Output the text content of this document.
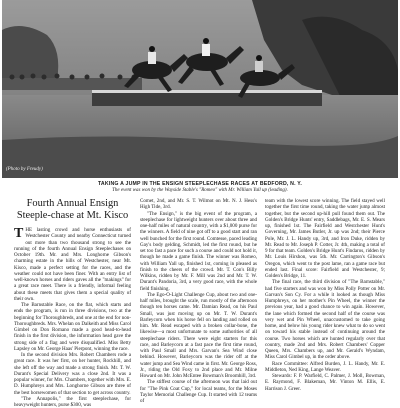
(Photo by Freudy)
TAKING A JUMP IN THE ENSIGN STEEPLECHASE RACES AT BEDFORD, N. Y.
The event was won by the Wayside Stable's "Romeo" with Mr. William Yall up (leading).
Fourth Annual Ensign Steeple-chase at Mt. Kisco

THE lasting crowd and horse enthusiasts of Westchester County and nearby Connecticut turned out more than two thousand strong to see the running of the fourth Annual Ensign Steeplechases on October 19th. Mr. and Mrs. Longhorne Gibson's charming estate in the hills of Westchester, near Mt. Kisco, made a perfect setting for the races, and the weather could not have been finer. With an entry list of well-known horses and riders gaves all the "makings" for a great race meet. There is a friendly, informal feeling about these meets that gives them a special quality of their own.

The Barnstable Race, on the flat, which starts and ends the program, is run in three divisions, two at the beginning for Thoroughbreds, and one at the end for non-Thoroughbreds. Mrs. Whelan on Dalkeith and Miss Carol Gimbel on Don Romano made a good head-to-head finish in the first division, the information head gave the strong side of a flag and were disqualified. Miss Betty Lapsley on Mr. George Haas' Pierpont, winning the race.

In the second division Mrs. Robert Chambers rode a great race. It was her first, on her hunter, Rockhill, and she left off the way and made a strong finish. Mr. T. W. Durant's Special Delivery was a close 2nd. It was a popular winner, for Mrs. Chambers, together with Mrs. E. D. Humphreys and Mrs. Longhorne Gibson are three of the best horsewomen of that section to get across country.

"The Annapolis," the first steeplechase, for heavyweight hunters, purse $300, was

Comet, 2nd, and Mr. S. T. Wilmot on Mt. N. J. Hess's High Tide, 3rd.

"The Ensign," is the big event of the program, a steeplechase for lightweight hunters over about three and one-half miles of natural country, with a $1,000 purse for the winners. A field of nine got off to a good start and ran well bunched for the first round. Comtesse, paced leading Gay's body gelding, Schmidt, led the first round, but he set too fast a pace for such a course and could not hold it, though he made a game finish. The winner was Romeo, with William Yall up, finished 1st, coming in pleased as finish to the cheers of the crowd. Mr. T. Con's Billy Wilkins, ridden by Mr. F. Mill was 2nd and Mr. T. W. Durant's Pandoria, 3rd, a very good race, with the whole field finishing.

The Ego-O-Light Challenge Cup, about two and one-half miles, brought the scale, run mostly of the afternoon though ten horses came. Mr. Damian Read, on his Paul Small, was just moving up on Mr. T. W. Durant's Barleycorn when his horse fell on landing and rolled on him. Mr. Read escaped with a broken collar-bone, the likewise—a most unfortunate to some authorities of all steeplechase riders. There were eight starters for this race, and Barleycorn at a fast pace the first time round, with Paul Small and Mrs. Garvan's Sea Wind close behind. However, Barleycorn was the rider off at the water jump and Sea Wind came in first. Mr. George Ross, Jr., riding the Old Foxy to 2nd place and Mr. Milne Howard on Mr. John McEntee Bowman's Broomhill, 3rd.

The stiffest course of the afternoon was that laid out for "The Pink Coat Cup," for local teams, for the Moses Taylor Memorial Challenge Cup. It started with 12 teams of

team with the lowest score winning. The field stayed well together the first time round, taking the water jump almost together, but the second up-hill pull found them out. The Golden's Bridge Hunts' entry, Saddlebags, Mr. E. S. Mears up, finished 1st. The Fairfield and Westchester Hunt's Governing, Mr. James Butler, Jr. up was 2nd; their Pierce Pole, Mr. J. L. Handy up, 3rd, and Iron Duke, ridden by Mr. Read to Mr. Joseph P. Cotter, Jr. 4th, making a total of 9 for that team. Golden's Bridge Hunt's Findaros, ridden by Mr. Louis Hirshon, was 5th. Mr. Carrington's Gibson's Oregon, which went to the post lame, ran a game race but ended last. Final score: Fairfield and Westchester, 9; Golden's Bridge, 11.

The final race, the third division of "The Barnstable," had five starters and was won by Miss Polly Potter on Mr. Garvan's Son Cy. For a while it looked as though Miss Humphreys, on her mother's Pin Wheel, the winner the previous year, had a good chance to win again. However, the lane which formed the second half of the course was very wet and Pin Wheel, unaccustomed to take going home, and below his young rider knew what to do so went on toward his stable instead of continuing around the course. Two horses which are hunted regularly over that country, made 2nd and Mrs. Robert Chambers' Copper Queen, Mrs. Chambers up, and Mr. Gerald's Wyndam, Miss Carol Gimbel up, in the order above.

Race Committee: Alfred Burden, J. L. Handy, Mr. E. Middleton, Ned King, Lange Weaver.

Stewards: F. P. Warfield, C. Palmer, J. Moll, Bowman, E. Raymond, F. Blakeman, Mr. Vinton M. Ellis, E. Harrison J. Greer.
